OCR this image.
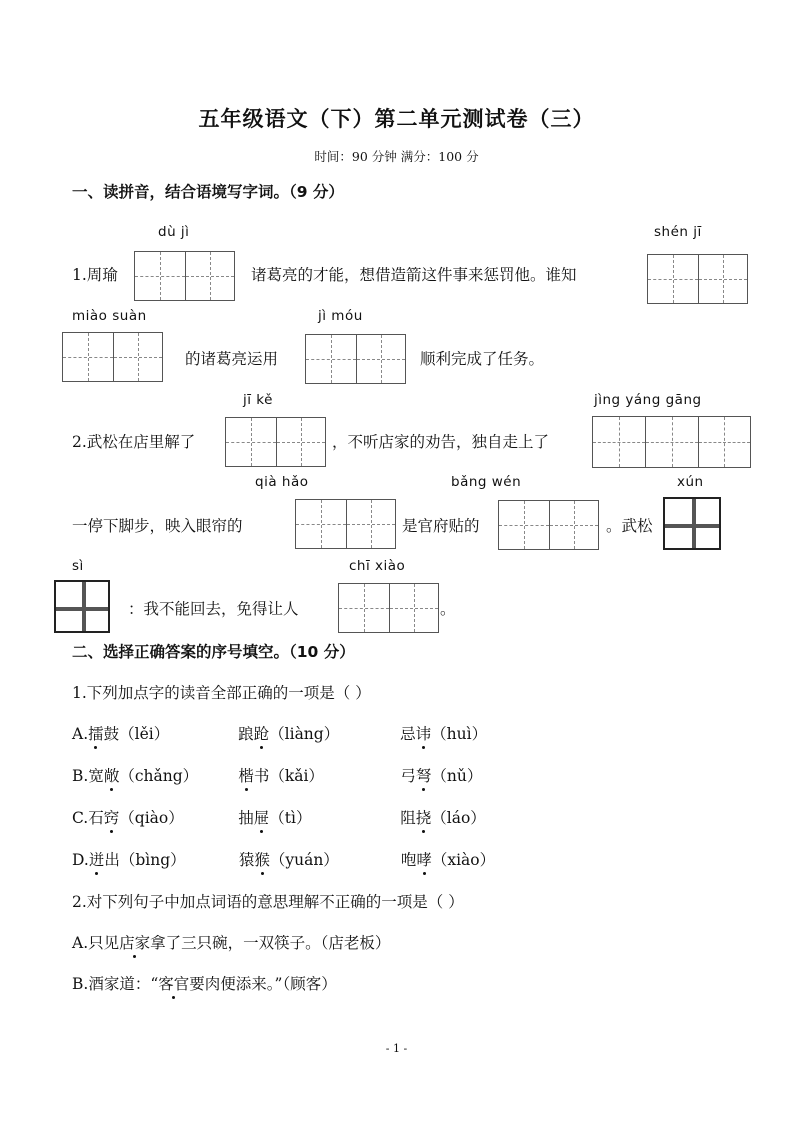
五年级语文（下）第二单元测试卷（三）
时间：90 分钟 满分：100 分
一、读拼音，结合语境写字词。（9 分）
dù jì	shén jī
1.周瑜	诸葛亮的才能，想借造箭这件事来惩罚他。谁知
miào suàn	jì móu
的诸葛亮运用	顺利完成了任务。
jī kě	jìng yáng gāng
2.武松在店里解了	，不听店家的劝告，独自走上了
qià hǎo	bǎng wén	xún
一停下脚步，映入眼帘的	是官府贴的	。武松
sì	chī xiào
：我不能回去，免得让人	。
二、选择正确答案的序号填空。（10 分）
1.下列加点字的读音全部正确的一项是（ ）
A.擂鼓（lěi）	踉跄（liàng）	忌讳（huì）
B.宽敞（chǎng）	楷书（kǎi）	弓弩（nǔ）
C.石窍（qiào）	抽屉（tì）	阻挠（láo）
D.迸出（bìng）	猿猴（yuán）	咆哮（xiào）
2.对下列句子中加点词语的意思理解不正确的一项是（ ）
A.只见店家拿了三只碗，一双筷子。（店老板）
B.酒家道：“客官要肉便添来。”（顾客）
- 1 -
